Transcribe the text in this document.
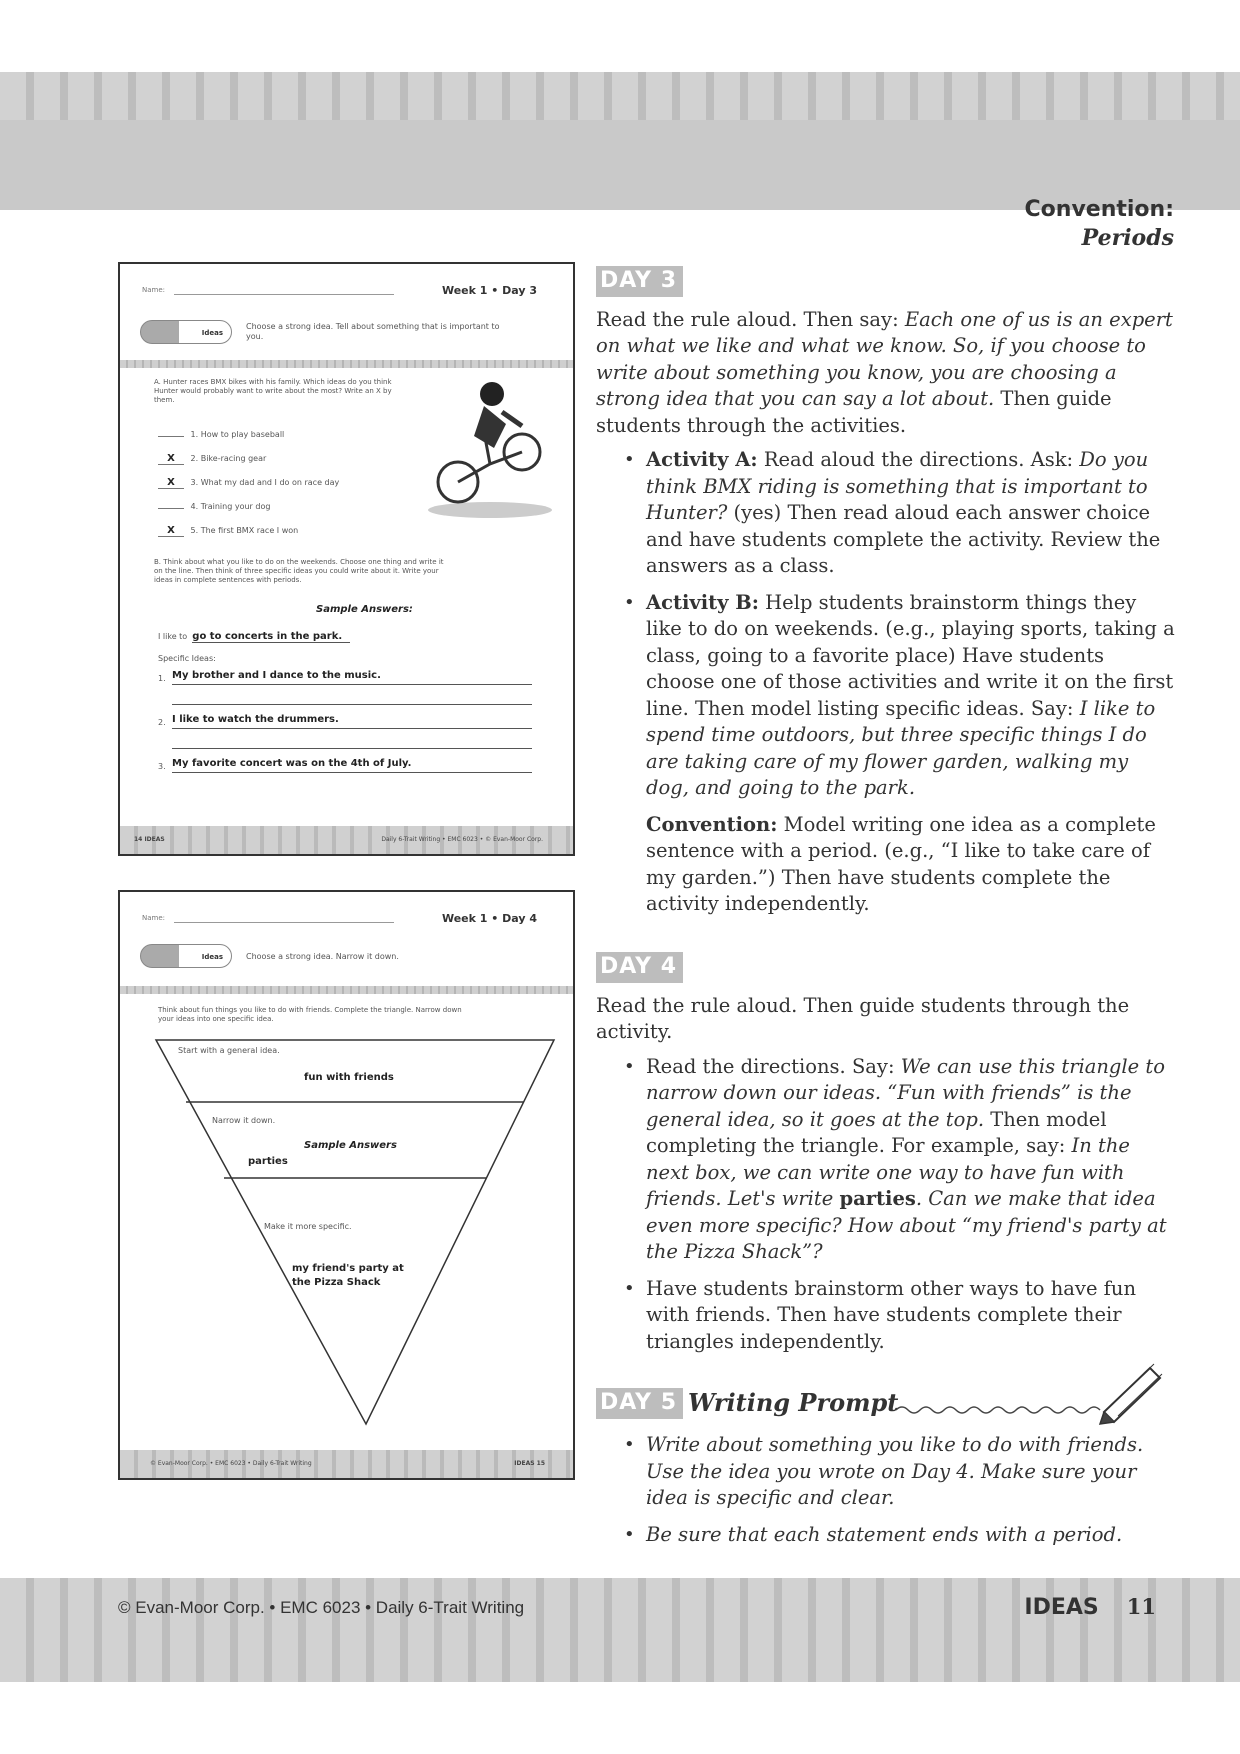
Convention:
Periods
Name:	Week 1 • Day 3
Ideas
Choose a strong idea. Tell about something that is important to you.
A. Hunter races BMX bikes with his family. Which ideas do you think Hunter would probably want to write about the most? Write an X by them.
1. How to play baseball
X 2. Bike-racing gear
X 3. What my dad and I do on race day
4. Training your dog
X 5. The first BMX race I won
B. Think about what you like to do on the weekends. Choose one thing and write it on the line. Then think of three specific ideas you could write about it. Write your ideas in complete sentences with periods.
Sample Answers:
I like to go to concerts in the park.
Specific Ideas:
1. My brother and I dance to the music.
2. I like to watch the drummers.
3. My favorite concert was on the 4th of July.
14 IDEAS	Daily 6-Trait Writing • EMC 6023 • © Evan-Moor Corp.
Name:	Week 1 • Day 4
Ideas	Choose a strong idea. Narrow it down.
Think about fun things you like to do with friends. Complete the triangle. Narrow down your ideas into one specific idea.
Start with a general idea.
fun with friends
Narrow it down.
Sample Answers
parties
Make it more specific.
my friend's party at the Pizza Shack
© Evan-Moor Corp. • EMC 6023 • Daily 6-Trait Writing	IDEAS 15
DAY 3

Read the rule aloud. Then say: Each one of us is an expert on what we like and what we know. So, if you choose to write about something you know, you are choosing a strong idea that you can say a lot about. Then guide students through the activities.

• Activity A: Read aloud the directions. Ask: Do you think BMX riding is something that is important to Hunter? (yes) Then read aloud each answer choice and have students complete the activity. Review the answers as a class.
• Activity B: Help students brainstorm things they like to do on weekends. (e.g., playing sports, taking a class, going to a favorite place) Have students choose one of those activities and write it on the first line. Then model listing specific ideas. Say: I like to spend time outdoors, but three specific things I do are taking care of my flower garden, walking my dog, and going to the park.

Convention: Model writing one idea as a complete sentence with a period. (e.g., “I like to take care of my garden.”) Then have students complete the activity independently.

DAY 4

Read the rule aloud. Then guide students through the activity.

• Read the directions. Say: We can use this triangle to narrow down our ideas. “Fun with friends” is the general idea, so it goes at the top. Then model completing the triangle. For example, say: In the next box, we can write one way to have fun with friends. Let's write parties. Can we make that idea even more specific? How about “my friend's party at the Pizza Shack”?
• Have students brainstorm other ways to have fun with friends. Then have students complete their triangles independently.
DAY 5 Writing Prompt
• Write about something you like to do with friends. Use the idea you wrote on Day 4. Make sure your idea is specific and clear.
• Be sure that each statement ends with a period.
© Evan-Moor Corp. • EMC 6023 • Daily 6-Trait Writing	IDEAS 11
